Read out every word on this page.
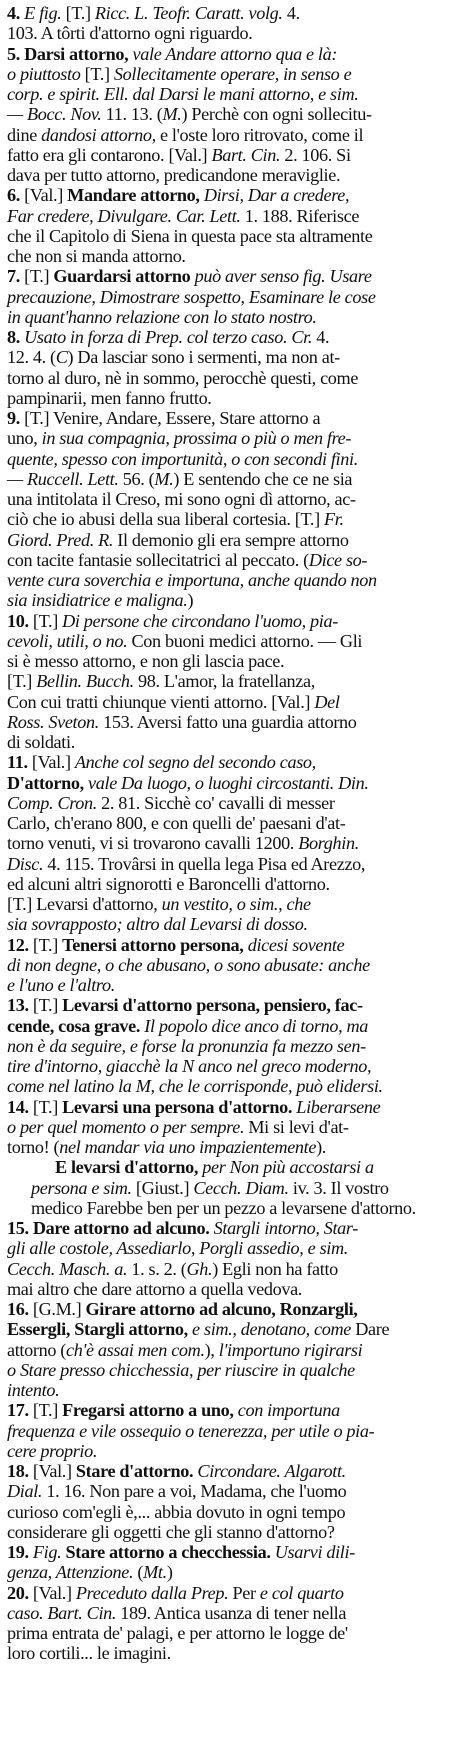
4. E fig. [T.] Ricc. L. Teofr. Caratt. volg. 4.
103. A tôrti d'attorno ogni riguardo.
5. Darsi attorno, vale Andare attorno qua e là:
o piuttosto [T.] Sollecitamente operare, in senso e
corp. e spirit. Ell. dal Darsi le mani attorno, e sim.
— Bocc. Nov. 11. 13. (M.) Perchè con ogni sollecitu-
dine dandosi attorno, e l'oste loro ritrovato, come il
fatto era gli contarono. [Val.] Bart. Cin. 2. 106. Si
dava per tutto attorno, predicandone meraviglie.
6. [Val.] Mandare attorno, Dirsi, Dar a credere,
Far credere, Divulgare. Car. Lett. 1. 188. Riferisce
che il Capitolo di Siena in questa pace sta altramente
che non si manda attorno.
7. [T.] Guardarsi attorno può aver senso fig. Usare
precauzione, Dimostrare sospetto, Esaminare le cose
in quant'hanno relazione con lo stato nostro.
8. Usato in forza di Prep. col terzo caso. Cr. 4.
12. 4. (C) Da lasciar sono i sermenti, ma non at-
torno al duro, nè in sommo, perocchè questi, come
pampinarii, men fanno frutto.
9. [T.] Venire, Andare, Essere, Stare attorno a
uno, in sua compagnia, prossima o più o men fre-
quente, spesso con importunità, o con secondi fini.
— Ruccell. Lett. 56. (M.) E sentendo che ce ne sia
una intitolata il Creso, mi sono ogni dì attorno, ac-
ciò che io abusi della sua liberal cortesia. [T.] Fr.
Giord. Pred. R. Il demonio gli era sempre attorno
con tacite fantasie sollecitatrici al peccato. (Dice so-
vente cura soverchia e importuna, anche quando non
sia insidiatrice e maligna.)
10. [T.] Di persone che circondano l'uomo, pia-
cevoli, utili, o no. Con buoni medici attorno. — Gli
si è messo attorno, e non gli lascia pace.
[T.] Bellin. Bucch. 98. L'amor, la fratellanza,
Con cui tratti chiunque vienti attorno. [Val.] Del
Ross. Sveton. 153. Aversi fatto una guardia attorno
di soldati.
11. [Val.] Anche col segno del secondo caso,
D'attorno, vale Da luogo, o luoghi circostanti. Din.
Comp. Cron. 2. 81. Sicchè co' cavalli di messer
Carlo, ch'erano 800, e con quelli de' paesani d'at-
torno venuti, vi si trovarono cavalli 1200. Borghin.
Disc. 4. 115. Trovârsi in quella lega Pisa ed Arezzo,
ed alcuni altri signorotti e Baroncelli d'attorno.
[T.] Levarsi d'attorno, un vestito, o sim., che
sia sovrapposto; altro dal Levarsi di dosso.
12. [T.] Tenersi attorno persona, dicesi sovente
di non degne, o che abusano, o sono abusate: anche
e l'uno e l'altro.
13. [T.] Levarsi d'attorno persona, pensiero, fac-
cende, cosa grave. Il popolo dice anco di torno, ma
non è da seguire, e forse la pronunzia fa mezzo sen-
tire d'intorno, giacchè la N anco nel greco moderno,
come nel latino la M, che le corrisponde, può elidersi.
14. [T.] Levarsi una persona d'attorno. Liberarsene
o per quel momento o per sempre. Mi si levi d'at-
torno! (nel mandar via uno impazientemente).
E levarsi d'attorno, per Non più accostarsi a
persona e sim. [Giust.] Cecch. Diam. iv. 3. Il vostro
medico Farebbe ben per un pezzo a levarsene d'attorno.
15. Dare attorno ad alcuno. Stargli intorno, Star-
gli alle costole, Assediarlo, Porgli assedio, e sim.
Cecch. Masch. a. 1. s. 2. (Gh.) Egli non ha fatto
mai altro che dare attorno a quella vedova.
16. [G.M.] Girare attorno ad alcuno, Ronzargli,
Essergli, Stargli attorno, e sim., denotano, come Dare
attorno (ch'è assai men com.), l'importuno rigirarsi
o Stare presso chicchessia, per riuscire in qualche
intento.
17. [T.] Fregarsi attorno a uno, con importuna
frequenza e vile ossequio o tenerezza, per utile o pia-
cere proprio.
18. [Val.] Stare d'attorno. Circondare. Algarott.
Dial. 1. 16. Non pare a voi, Madama, che l'uomo
curioso com'egli è,... abbia dovuto in ogni tempo
considerare gli oggetti che gli stanno d'attorno?
19. Fig. Stare attorno a checchessia. Usarvi dili-
genza, Attenzione. (Mt.)
20. [Val.] Preceduto dalla Prep. Per e col quarto
caso. Bart. Cin. 189. Antica usanza di tener nella
prima entrata de' palagi, e per attorno le logge de'
loro cortili... le imagini.
